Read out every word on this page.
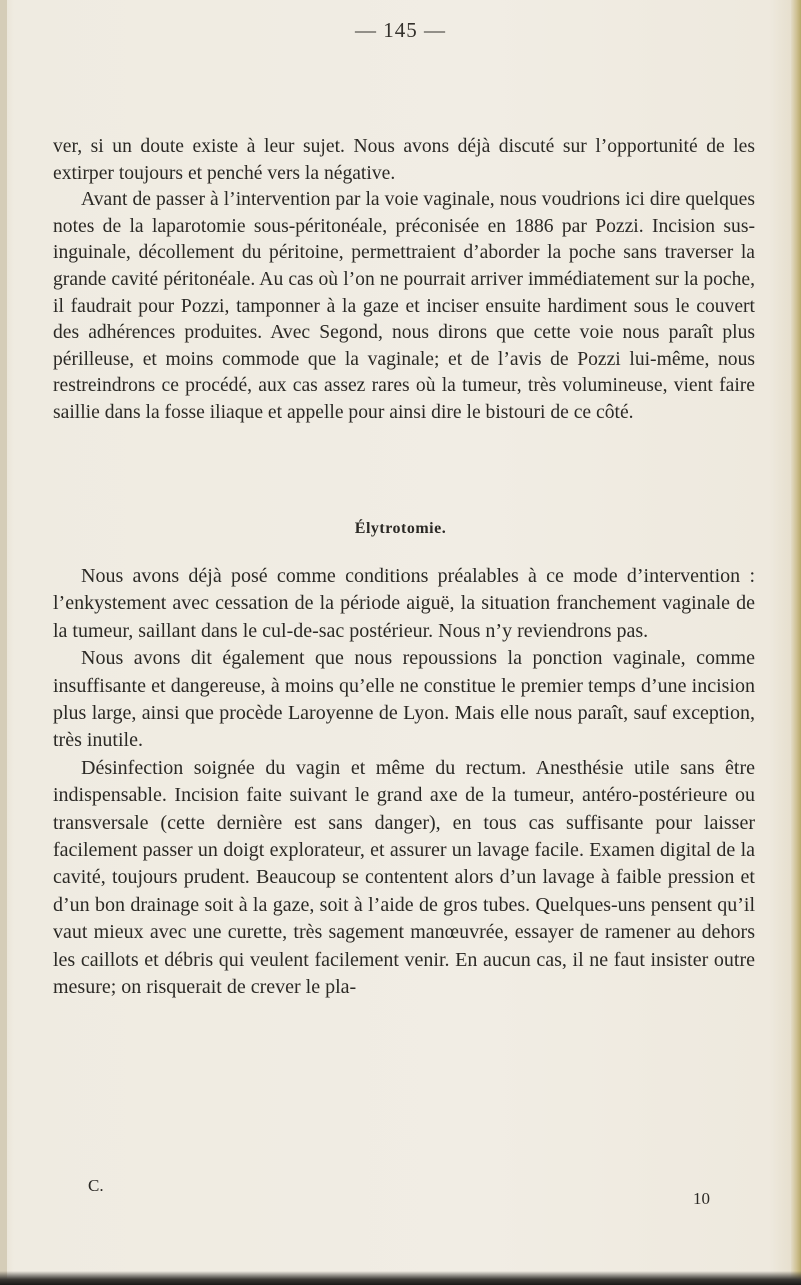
— 145 —

ver, si un doute existe à leur sujet. Nous avons déjà discuté sur l’opportunité de les extirper toujours et penché vers la négative.

Avant de passer à l’intervention par la voie vaginale, nous voudrions ici dire quelques notes de la laparotomie sous-péritonéale, préconisée en 1886 par Pozzi. Incision sus-inguinale, décollement du péritoine, permettraient d’aborder la poche sans traverser la grande cavité péritonéale. Au cas où l’on ne pourrait arriver immédiatement sur la poche, il faudrait pour Pozzi, tamponner à la gaze et inciser ensuite hardiment sous le couvert des adhérences produites. Avec Segond, nous dirons que cette voie nous paraît plus périlleuse, et moins commode que la vaginale; et de l’avis de Pozzi lui-même, nous restreindrons ce procédé, aux cas assez rares où la tumeur, très volumineuse, vient faire saillie dans la fosse iliaque et appelle pour ainsi dire le bistouri de ce côté.

Élytrotomie.

Nous avons déjà posé comme conditions préalables à ce mode d’intervention : l’enkystement avec cessation de la période aiguë, la situation franchement vaginale de la tumeur, saillant dans le cul-de-sac postérieur. Nous n’y reviendrons pas.

Nous avons dit également que nous repoussions la ponction vaginale, comme insuffisante et dangereuse, à moins qu’elle ne constitue le premier temps d’une incision plus large, ainsi que procède Laroyenne de Lyon. Mais elle nous paraît, sauf exception, très inutile.

Désinfection soignée du vagin et même du rectum. Anesthésie utile sans être indispensable. Incision faite suivant le grand axe de la tumeur, antéro-postérieure ou transversale (cette dernière est sans danger), en tous cas suffisante pour laisser facilement passer un doigt explorateur, et assurer un lavage facile. Examen digital de la cavité, toujours prudent. Beaucoup se contentent alors d’un lavage à faible pression et d’un bon drainage soit à la gaze, soit à l’aide de gros tubes. Quelques-uns pensent qu’il vaut mieux avec une curette, très sagement manœuvrée, essayer de ramener au dehors les caillots et débris qui veulent facilement venir. En aucun cas, il ne faut insister outre mesure; on risquerait de crever le pla-

C.
10
